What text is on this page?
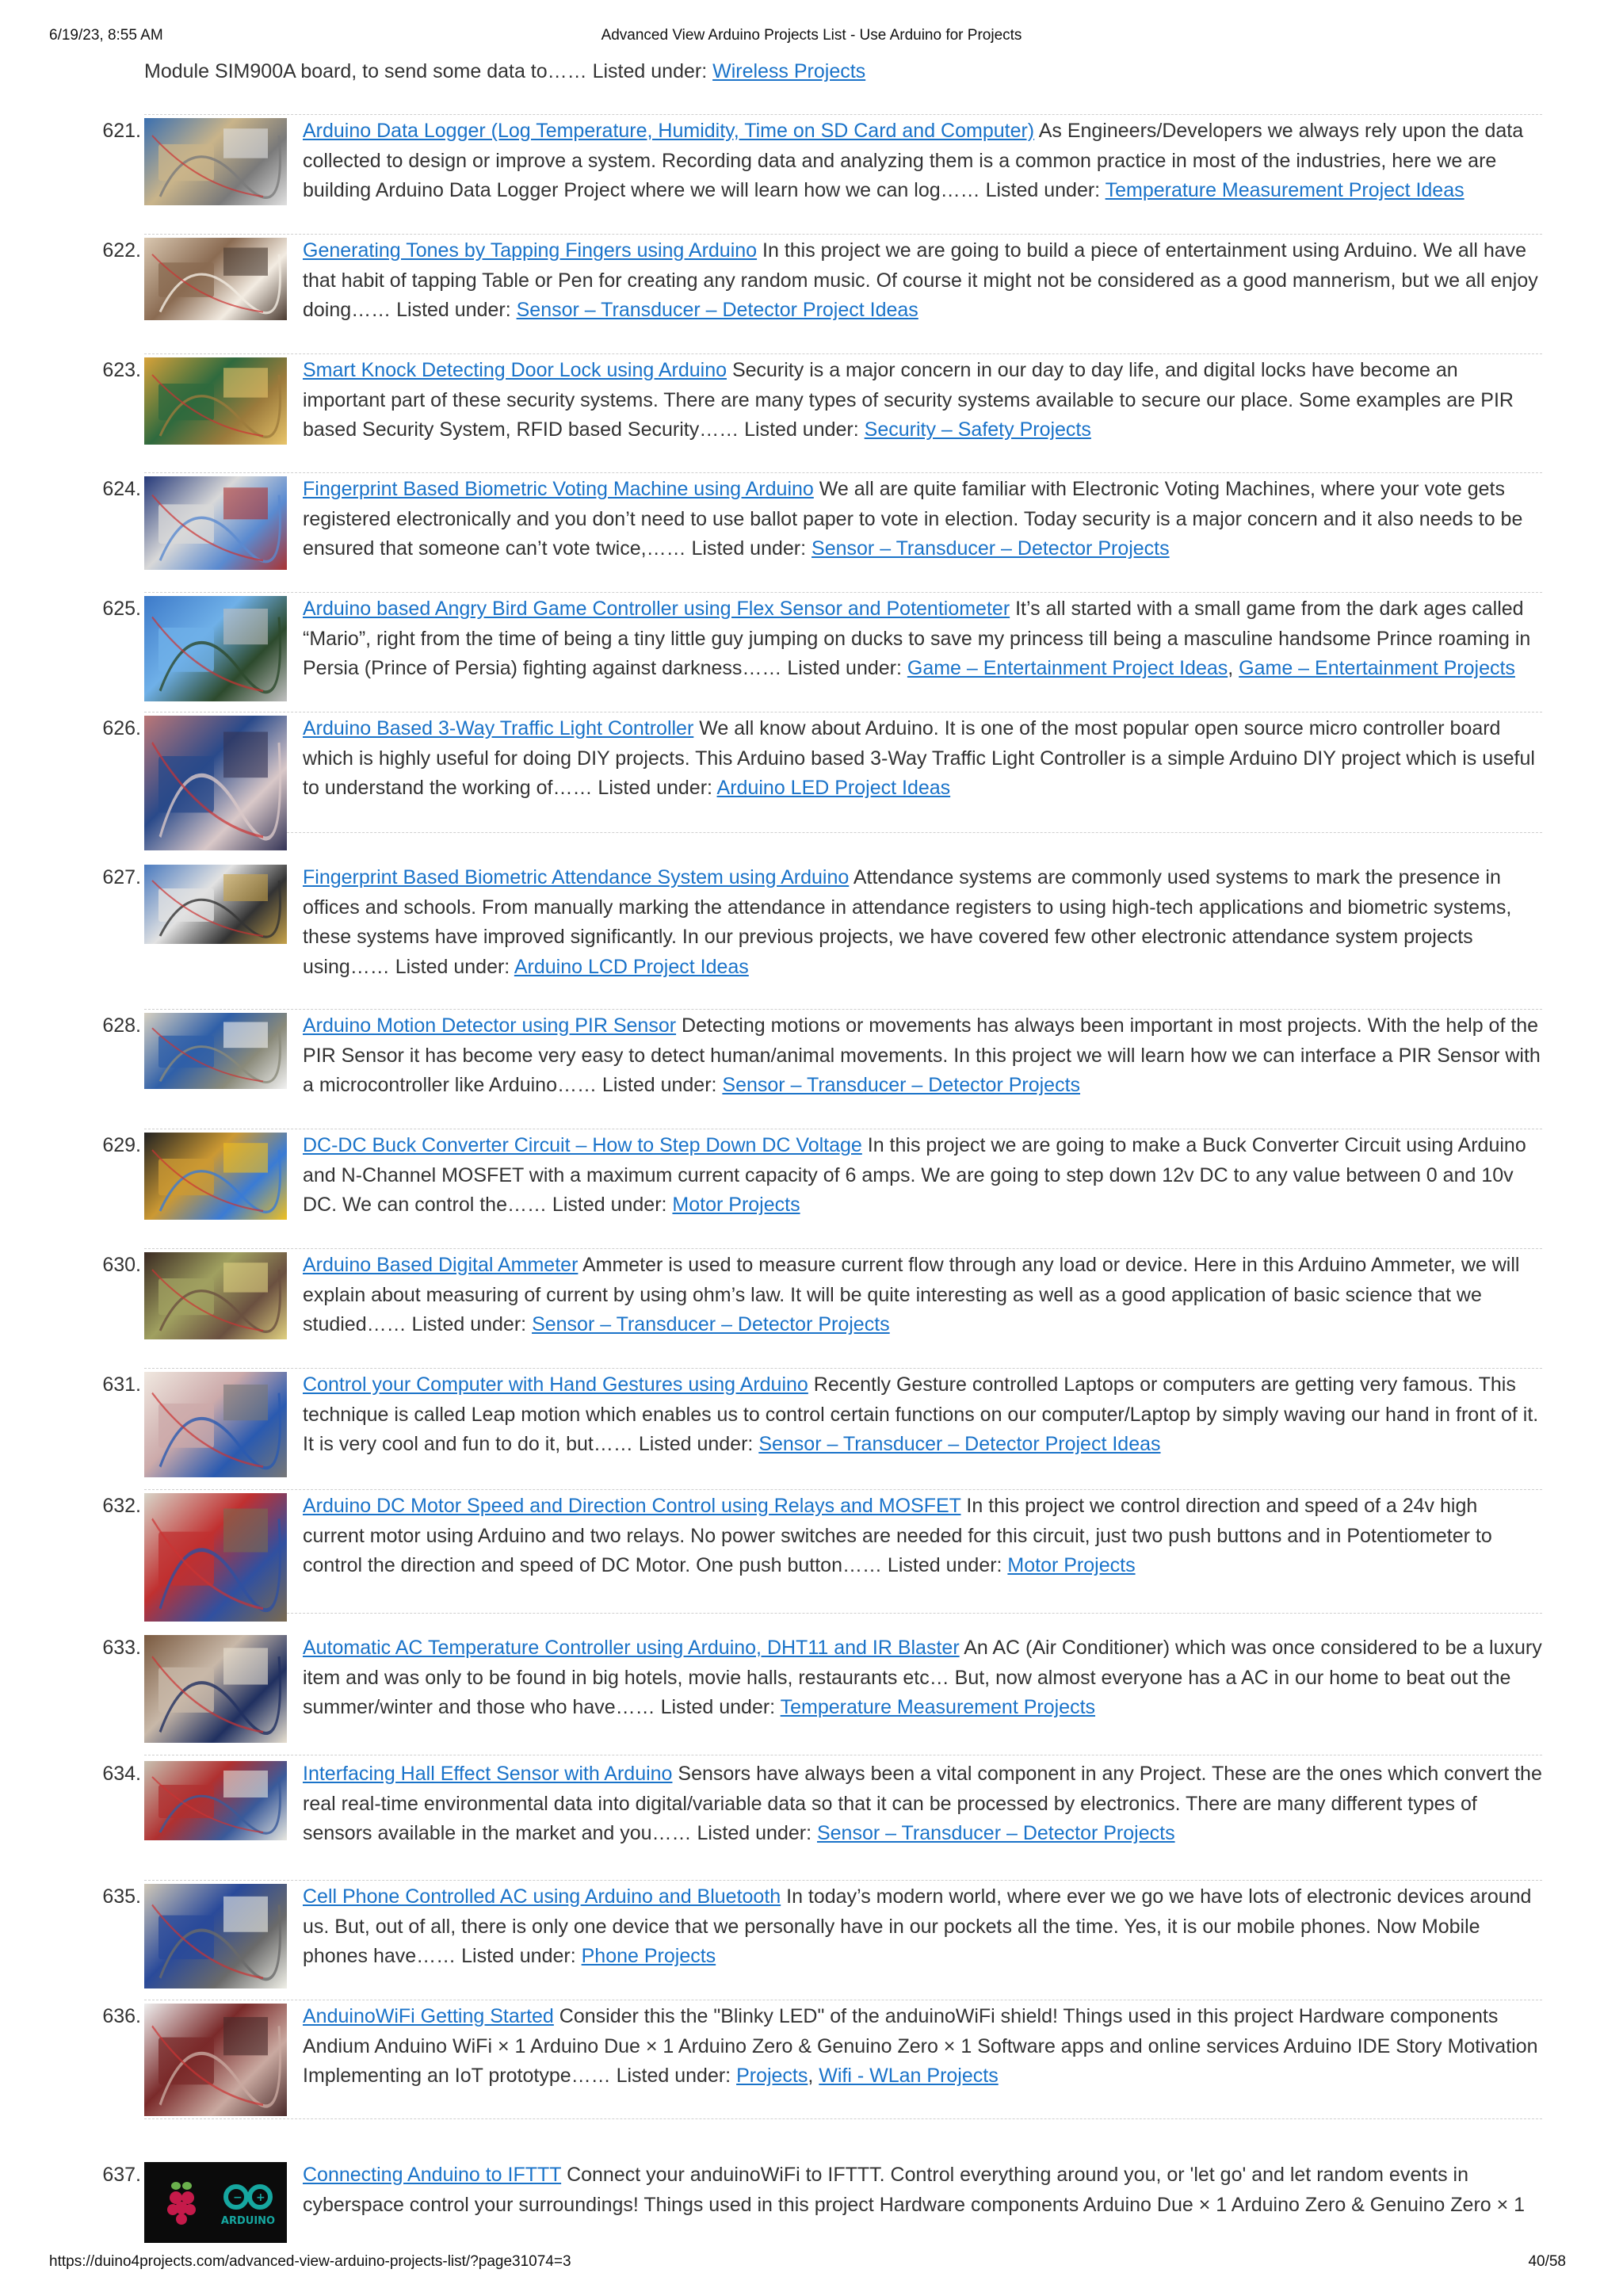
6/19/23, 8:55 AM	Advanced View Arduino Projects List - Use Arduino for Projects
Module SIM900A board, to send some data to…… Listed under: Wireless Projects
621.	Arduino Data Logger (Log Temperature, Humidity, Time on SD Card and Computer) As Engineers/Developers we always rely upon the data collected to design or improve a system. Recording data and analyzing them is a common practice in most of the industries, here we are building Arduino Data Logger Project where we will learn how we can log…… Listed under: Temperature Measurement Project Ideas
622.	Generating Tones by Tapping Fingers using Arduino In this project we are going to build a piece of entertainment using Arduino. We all have that habit of tapping Table or Pen for creating any random music. Of course it might not be considered as a good mannerism, but we all enjoy doing…… Listed under: Sensor – Transducer – Detector Project Ideas
623.	Smart Knock Detecting Door Lock using Arduino Security is a major concern in our day to day life, and digital locks have become an important part of these security systems. There are many types of security systems available to secure our place. Some examples are PIR based Security System, RFID based Security…… Listed under: Security – Safety Projects
624.	Fingerprint Based Biometric Voting Machine using Arduino We all are quite familiar with Electronic Voting Machines, where your vote gets registered electronically and you don’t need to use ballot paper to vote in election. Today security is a major concern and it also needs to be ensured that someone can’t vote twice,…… Listed under: Sensor – Transducer – Detector Projects
625.	Arduino based Angry Bird Game Controller using Flex Sensor and Potentiometer It’s all started with a small game from the dark ages called “Mario”, right from the time of being a tiny little guy jumping on ducks to save my princess till being a masculine handsome Prince roaming in Persia (Prince of Persia) fighting against darkness…… Listed under: Game – Entertainment Project Ideas, Game – Entertainment Projects
626.	Arduino Based 3-Way Traffic Light Controller We all know about Arduino. It is one of the most popular open source micro controller board which is highly useful for doing DIY projects. This Arduino based 3-Way Traffic Light Controller is a simple Arduino DIY project which is useful to understand the working of…… Listed under: Arduino LED Project Ideas
627.	Fingerprint Based Biometric Attendance System using Arduino Attendance systems are commonly used systems to mark the presence in offices and schools. From manually marking the attendance in attendance registers to using high-tech applications and biometric systems, these systems have improved significantly. In our previous projects, we have covered few other electronic attendance system projects using…… Listed under: Arduino LCD Project Ideas
628.	Arduino Motion Detector using PIR Sensor Detecting motions or movements has always been important in most projects. With the help of the PIR Sensor it has become very easy to detect human/animal movements. In this project we will learn how we can interface a PIR Sensor with a microcontroller like Arduino…… Listed under: Sensor – Transducer – Detector Projects
629.	DC-DC Buck Converter Circuit – How to Step Down DC Voltage In this project we are going to make a Buck Converter Circuit using Arduino and N-Channel MOSFET with a maximum current capacity of 6 amps. We are going to step down 12v DC to any value between 0 and 10v DC. We can control the…… Listed under: Motor Projects
630.	Arduino Based Digital Ammeter Ammeter is used to measure current flow through any load or device. Here in this Arduino Ammeter, we will explain about measuring of current by using ohm’s law. It will be quite interesting as well as a good application of basic science that we studied…… Listed under: Sensor – Transducer – Detector Projects
631.	Control your Computer with Hand Gestures using Arduino Recently Gesture controlled Laptops or computers are getting very famous. This technique is called Leap motion which enables us to control certain functions on our computer/Laptop by simply waving our hand in front of it. It is very cool and fun to do it, but…… Listed under: Sensor – Transducer – Detector Project Ideas
632.	Arduino DC Motor Speed and Direction Control using Relays and MOSFET In this project we control direction and speed of a 24v high current motor using Arduino and two relays. No power switches are needed for this circuit, just two push buttons and in Potentiometer to control the direction and speed of DC Motor. One push button…… Listed under: Motor Projects
633.	Automatic AC Temperature Controller using Arduino, DHT11 and IR Blaster An AC (Air Conditioner) which was once considered to be a luxury item and was only to be found in big hotels, movie halls, restaurants etc… But, now almost everyone has a AC in our home to beat out the summer/winter and those who have…… Listed under: Temperature Measurement Projects
634.	Interfacing Hall Effect Sensor with Arduino Sensors have always been a vital component in any Project. These are the ones which convert the real real-time environmental data into digital/variable data so that it can be processed by electronics. There are many different types of sensors available in the market and you…… Listed under: Sensor – Transducer – Detector Projects
635.	Cell Phone Controlled AC using Arduino and Bluetooth In today’s modern world, where ever we go we have lots of electronic devices around us. But, out of all, there is only one device that we personally have in our pockets all the time. Yes, it is our mobile phones. Now Mobile phones have…… Listed under: Phone Projects
636.	AnduinoWiFi Getting Started Consider this the "Blinky LED" of the anduinoWiFi shield! Things used in this project Hardware components Andium Anduino WiFi × 1 Arduino Due × 1 Arduino Zero & Genuino Zero × 1 Software apps and online services Arduino IDE Story Motivation Implementing an IoT prototype…… Listed under: Projects, Wifi - WLan Projects
637.
− +
ARDUINO
Connecting Anduino to IFTTT Connect your anduinoWiFi to IFTTT. Control everything around you, or 'let go' and let random events in cyberspace control your surroundings! Things used in this project Hardware components Arduino Due × 1 Arduino Zero & Genuino Zero × 1
https://duino4projects.com/advanced-view-arduino-projects-list/?page31074=3	40/58
